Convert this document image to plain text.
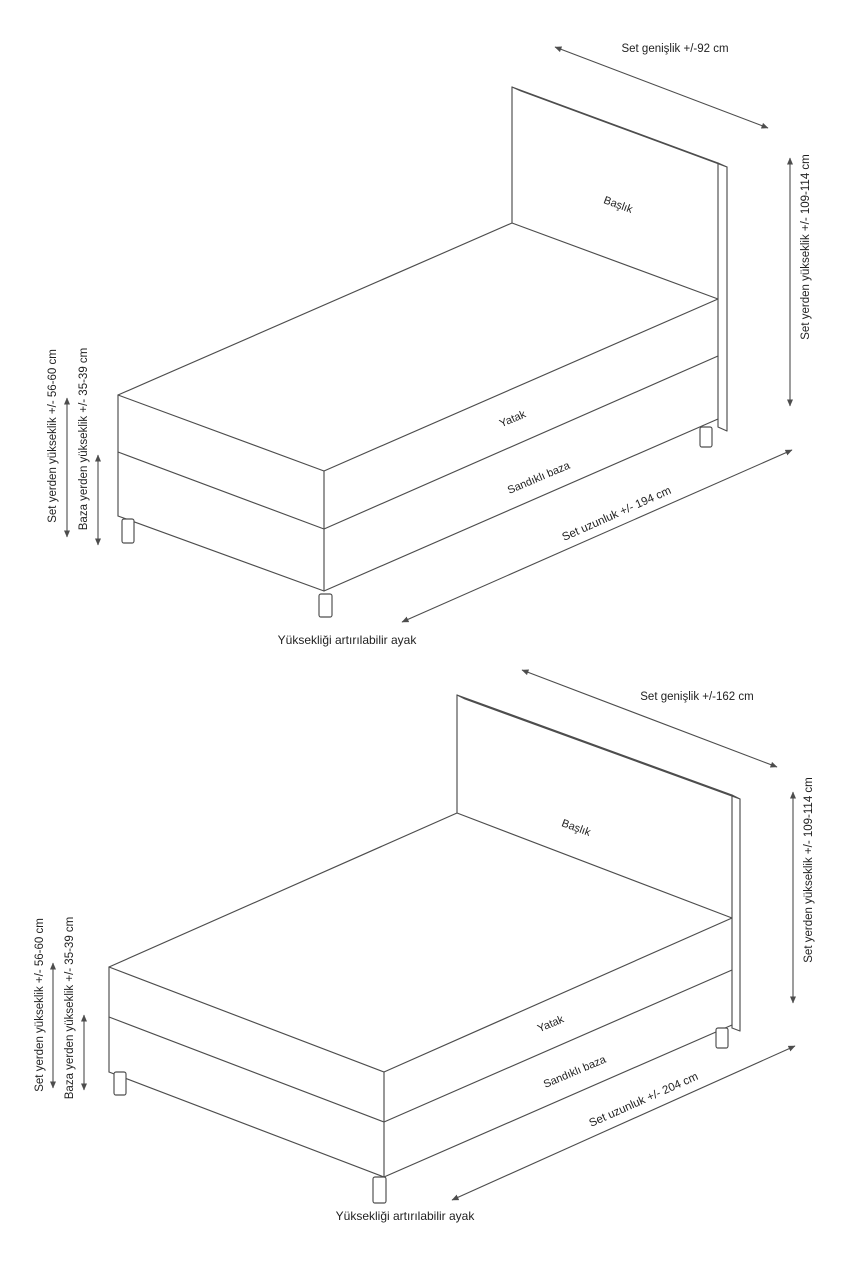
Set genişlik +/-92 cm
Set yerden yükseklik +/- 109-114 cm
Başlık
Yatak
Sandıklı baza
Set yerden yükseklik +/- 56-60 cm Baza yerden yükseklik +/- 35-39 cm	Set uzunluk +/- 194 cm
Yüksekliği artırılabilir ayak
Set genişlik +/-162 cm
Set yerden yükseklik +/- 109-114 cm
Başlık
Yatak
Sandıklı baza
Set yerden yükseklik +/- 56-60 cm Baza yerden yükseklik +/- 35-39 cm
Set uzunluk +/- 204 cm
Yüksekliği artırılabilir ayak
